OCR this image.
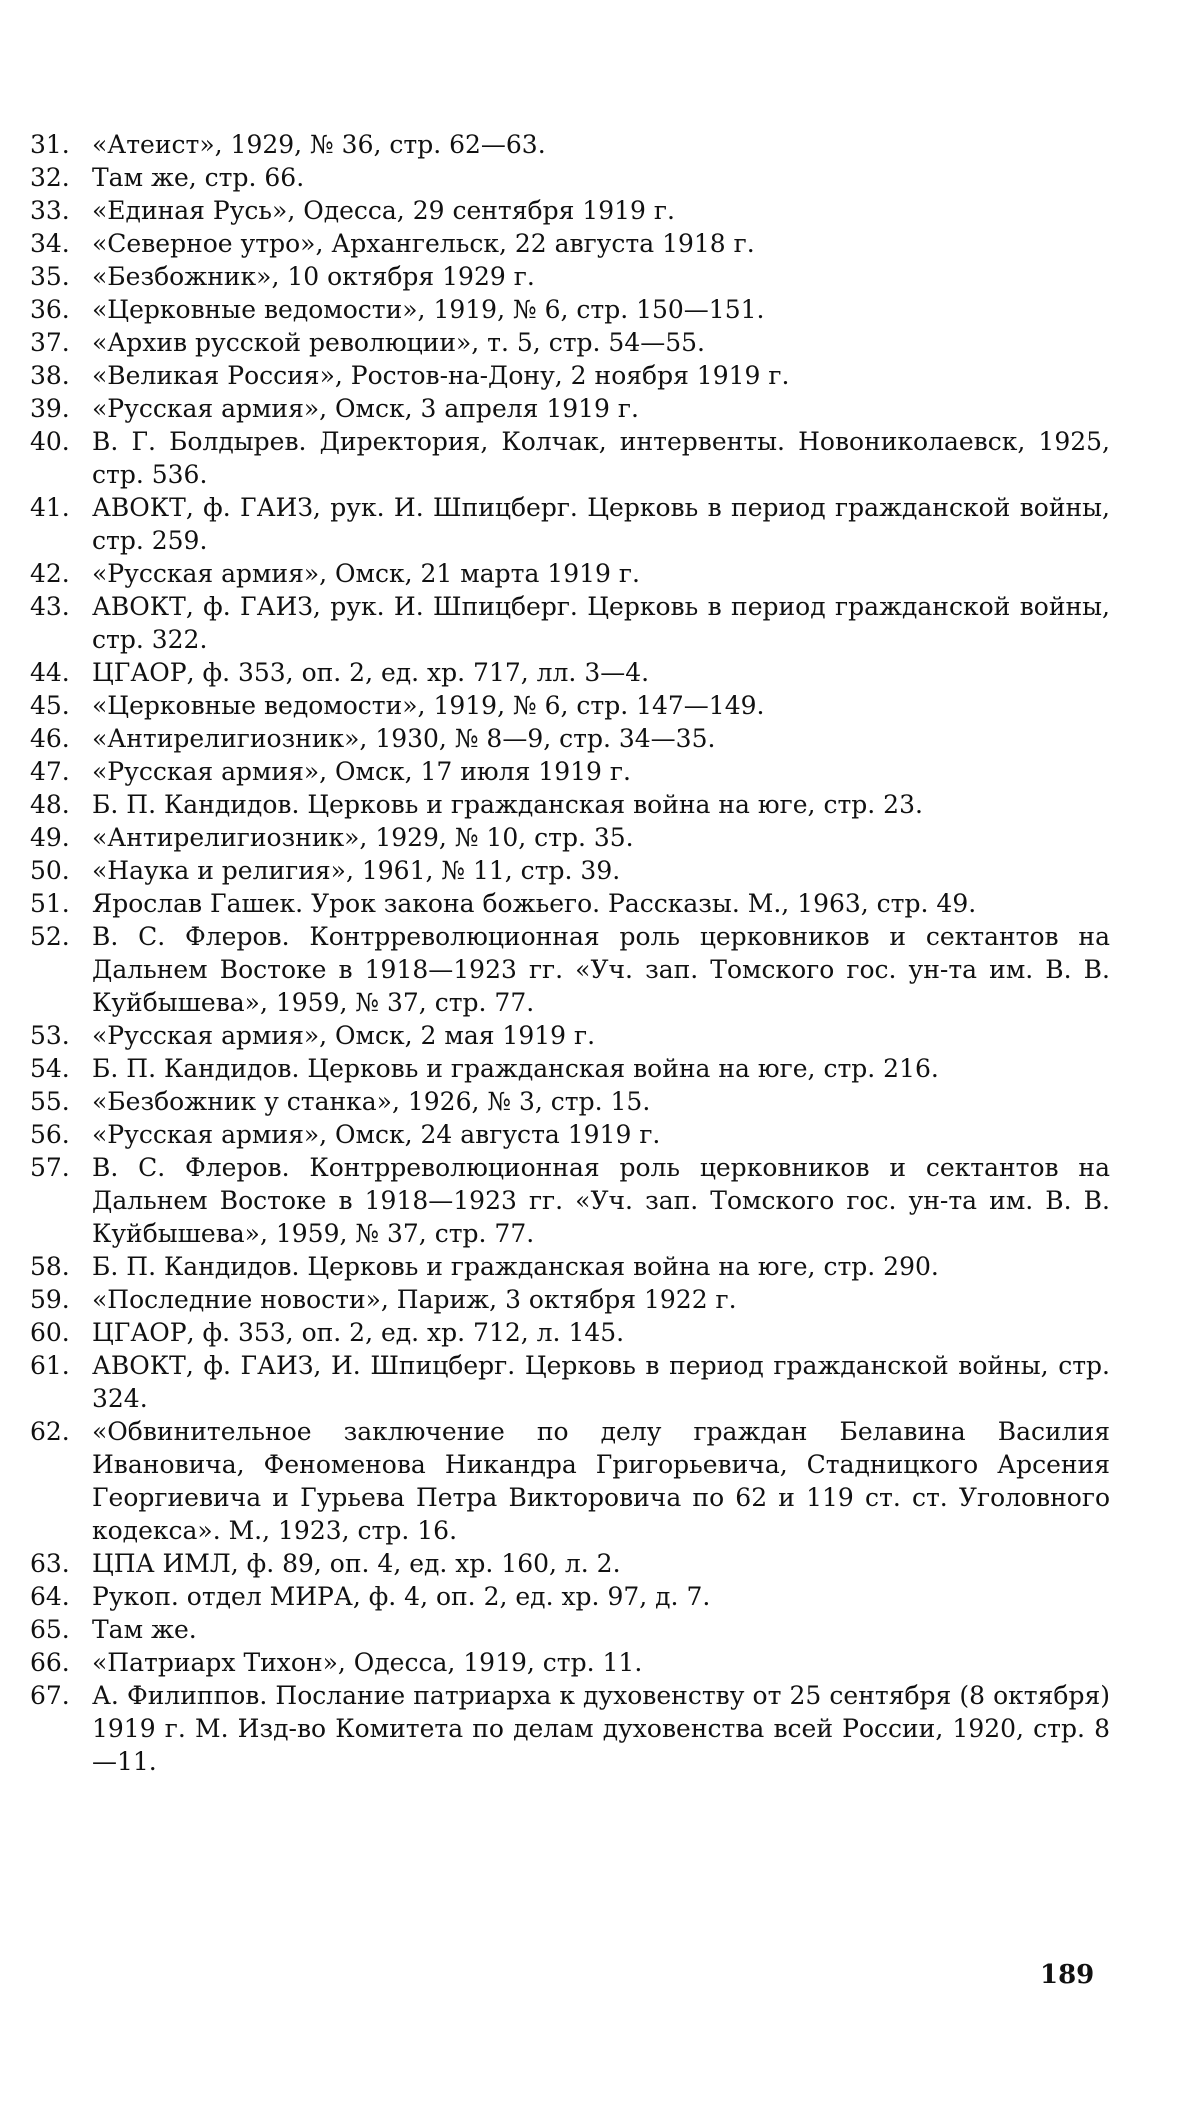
31. «Атеист», 1929, № 36, стр. 62—63.
32. Там же, стр. 66.
33. «Единая Русь», Одесса, 29 сентября 1919 г.
34. «Северное утро», Архангельск, 22 августа 1918 г.
35. «Безбожник», 10 октября 1929 г.
36. «Церковные ведомости», 1919, № 6, стр. 150—151.
37. «Архив русской революции», т. 5, стр. 54—55.
38. «Великая Россия», Ростов-на-Дону, 2 ноября 1919 г.
39. «Русская армия», Омск, 3 апреля 1919 г.
40. В. Г. Болдырев. Директория, Колчак, интервенты. Новониколаевск, 1925, стр. 536.
41. АВОКТ, ф. ГАИЗ, рук. И. Шпицберг. Церковь в период гражданской войны, стр. 259.
42. «Русская армия», Омск, 21 марта 1919 г.
43. АВОКТ, ф. ГАИЗ, рук. И. Шпицберг. Церковь в период гражданской войны, стр. 322.
44. ЦГАОР, ф. 353, оп. 2, ед. хр. 717, лл. 3—4.
45. «Церковные ведомости», 1919, № 6, стр. 147—149.
46. «Антирелигиозник», 1930, № 8—9, стр. 34—35.
47. «Русская армия», Омск, 17 июля 1919 г.
48. Б. П. Кандидов. Церковь и гражданская война на юге, стр. 23.
49. «Антирелигиозник», 1929, № 10, стр. 35.
50. «Наука и религия», 1961, № 11, стр. 39.
51. Ярослав Гашек. Урок закона божьего. Рассказы. М., 1963, стр. 49.
52. В. С. Флеров. Контрреволюционная роль церковников и сектантов на Дальнем Востоке в 1918—1923 гг. «Уч. зап. Томского гос. ун-та им. В. В. Куйбышева», 1959, № 37, стр. 77.
53. «Русская армия», Омск, 2 мая 1919 г.
54. Б. П. Кандидов. Церковь и гражданская война на юге, стр. 216.
55. «Безбожник у станка», 1926, № 3, стр. 15.
56. «Русская армия», Омск, 24 августа 1919 г.
57. В. С. Флеров. Контрреволюционная роль церковников и сектантов на Дальнем Востоке в 1918—1923 гг. «Уч. зап. Томского гос. ун-та им. В. В. Куйбышева», 1959, № 37, стр. 77.
58. Б. П. Кандидов. Церковь и гражданская война на юге, стр. 290.
59. «Последние новости», Париж, 3 октября 1922 г.
60. ЦГАОР, ф. 353, оп. 2, ед. хр. 712, л. 145.
61. АВОКТ, ф. ГАИЗ, И. Шпицберг. Церковь в период гражданской войны, стр. 324.
62. «Обвинительное заключение по делу граждан Белавина Василия Ивановича, Феноменова Никандра Григорьевича, Стадницкого Арсения Георгиевича и Гурьева Петра Викторовича по 62 и 119 ст. ст. Уголовного кодекса». М., 1923, стр. 16.
63. ЦПА ИМЛ, ф. 89, оп. 4, ед. хр. 160, л. 2.
64. Рукоп. отдел МИРА, ф. 4, оп. 2, ед. хр. 97, д. 7.
65. Там же.
66. «Патриарх Тихон», Одесса, 1919, стр. 11.
67. А. Филиппов. Послание патриарха к духовенству от 25 сентября (8 октября) 1919 г. М. Изд-во Комитета по делам духовенства всей России, 1920, стр. 8—11.
189
